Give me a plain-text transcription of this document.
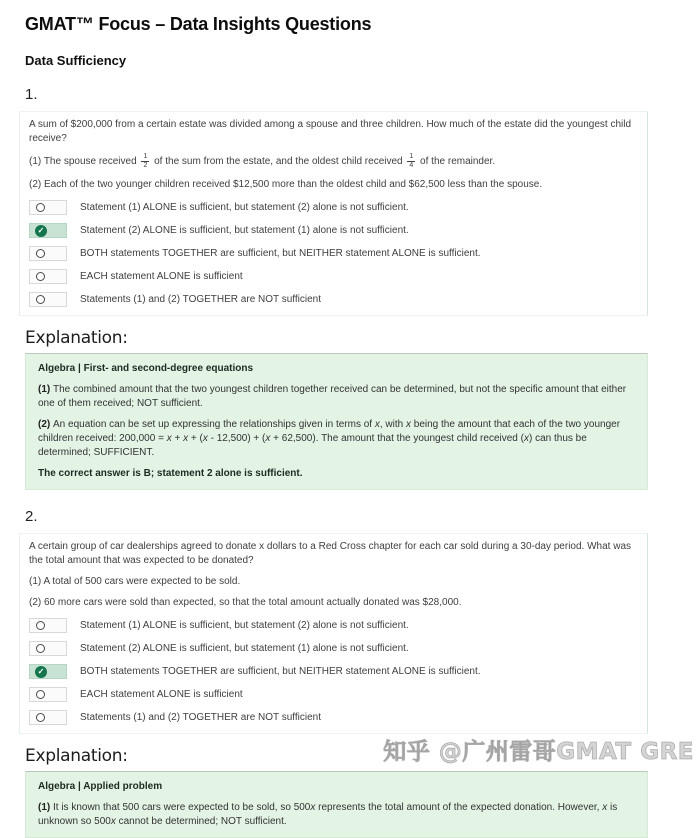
GMAT™ Focus – Data Insights Questions
Data Sufficiency
1.
A sum of $200,000 from a certain estate was divided among a spouse and three children. How much of the estate did the youngest child receive?
(1) The spouse received $\frac{1}{2}$ of the sum from the estate, and the oldest child received $\frac{1}{4}$ of the remainder.
(2) Each of the two younger children received $12,500 more than the oldest child and $62,500 less than the spouse.
Statement (1) ALONE is sufficient, but statement (2) alone is not sufficient.
✓	Statement (2) ALONE is sufficient, but statement (1) alone is not sufficient.
BOTH statements TOGETHER are sufficient, but NEITHER statement ALONE is sufficient.
EACH statement ALONE is sufficient
Statements (1) and (2) TOGETHER are NOT sufficient
Explanation:
Algebra | First- and second-degree equations
(1) The combined amount that the two youngest children together received can be determined, but not the specific amount that either one of them received; NOT sufficient.
(2) An equation can be set up expressing the relationships given in terms of x, with x being the amount that each of the two younger children received: 200,000 = x + x + (x - 12,500) + (x + 62,500). The amount that the youngest child received (x) can thus be determined; SUFFICIENT.
The correct answer is B; statement 2 alone is sufficient.
2.
A certain group of car dealerships agreed to donate x dollars to a Red Cross chapter for each car sold during a 30-day period. What was the total amount that was expected to be donated?
(1) A total of 500 cars were expected to be sold.
(2) 60 more cars were sold than expected, so that the total amount actually donated was $28,000.
Statement (1) ALONE is sufficient, but statement (2) alone is not sufficient.
Statement (2) ALONE is sufficient, but statement (1) alone is not sufficient.
✓	BOTH statements TOGETHER are sufficient, but NEITHER statement ALONE is sufficient.
EACH statement ALONE is sufficient
Statements (1) and (2) TOGETHER are NOT sufficient
Explanation:
Algebra | Applied problem
(1) It is known that 500 cars were expected to be sold, so 500x represents the total amount of the expected donation. However, x is unknown so 500x cannot be determined; NOT sufficient.
知乎 @广州雷哥GMAT GRE
